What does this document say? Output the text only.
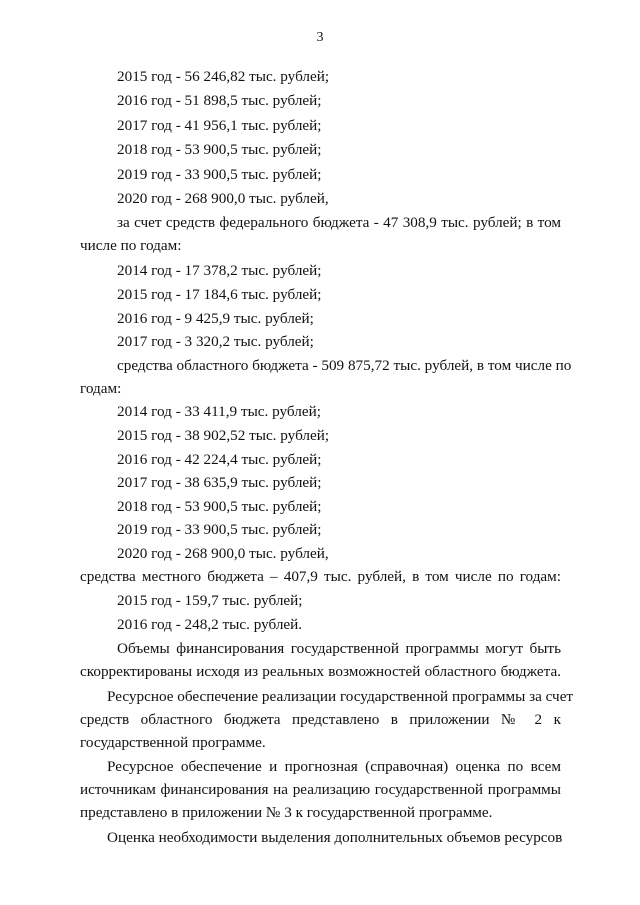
3
2015 год - 56 246,82 тыс. рублей;
2016 год - 51 898,5 тыс. рублей;
2017 год - 41 956,1 тыс. рублей;
2018 год - 53 900,5 тыс. рублей;
2019 год - 33 900,5 тыс. рублей;
2020 год - 268 900,0 тыс. рублей,
за счет средств федерального бюджета - 47 308,9 тыс. рублей; в том
числе по годам:
2014 год - 17 378,2 тыс. рублей;
2015 год - 17 184,6 тыс. рублей;
2016 год - 9 425,9 тыс. рублей;
2017 год - 3 320,2 тыс. рублей;
средства областного бюджета - 509 875,72 тыс. рублей, в том числе по
годам:
2014 год - 33 411,9 тыс. рублей;
2015 год - 38 902,52 тыс. рублей;
2016 год - 42 224,4 тыс. рублей;
2017 год - 38 635,9 тыс. рублей;
2018 год - 53 900,5 тыс. рублей;
2019 год - 33 900,5 тыс. рублей;
2020 год - 268 900,0 тыс. рублей,
средства местного бюджета – 407,9 тыс. рублей, в том числе по годам:
2015 год - 159,7 тыс. рублей;
2016 год - 248,2 тыс. рублей.
Объемы финансирования государственной программы могут быть
скорректированы исходя из реальных возможностей областного бюджета.
Ресурсное обеспечение реализации государственной программы за счет
средств областного бюджета представлено в приложении № 2 к
государственной программе.
Ресурсное обеспечение и прогнозная (справочная) оценка по всем
источникам финансирования на реализацию государственной программы
представлено в приложении № 3 к государственной программе.
Оценка необходимости выделения дополнительных объемов ресурсов
